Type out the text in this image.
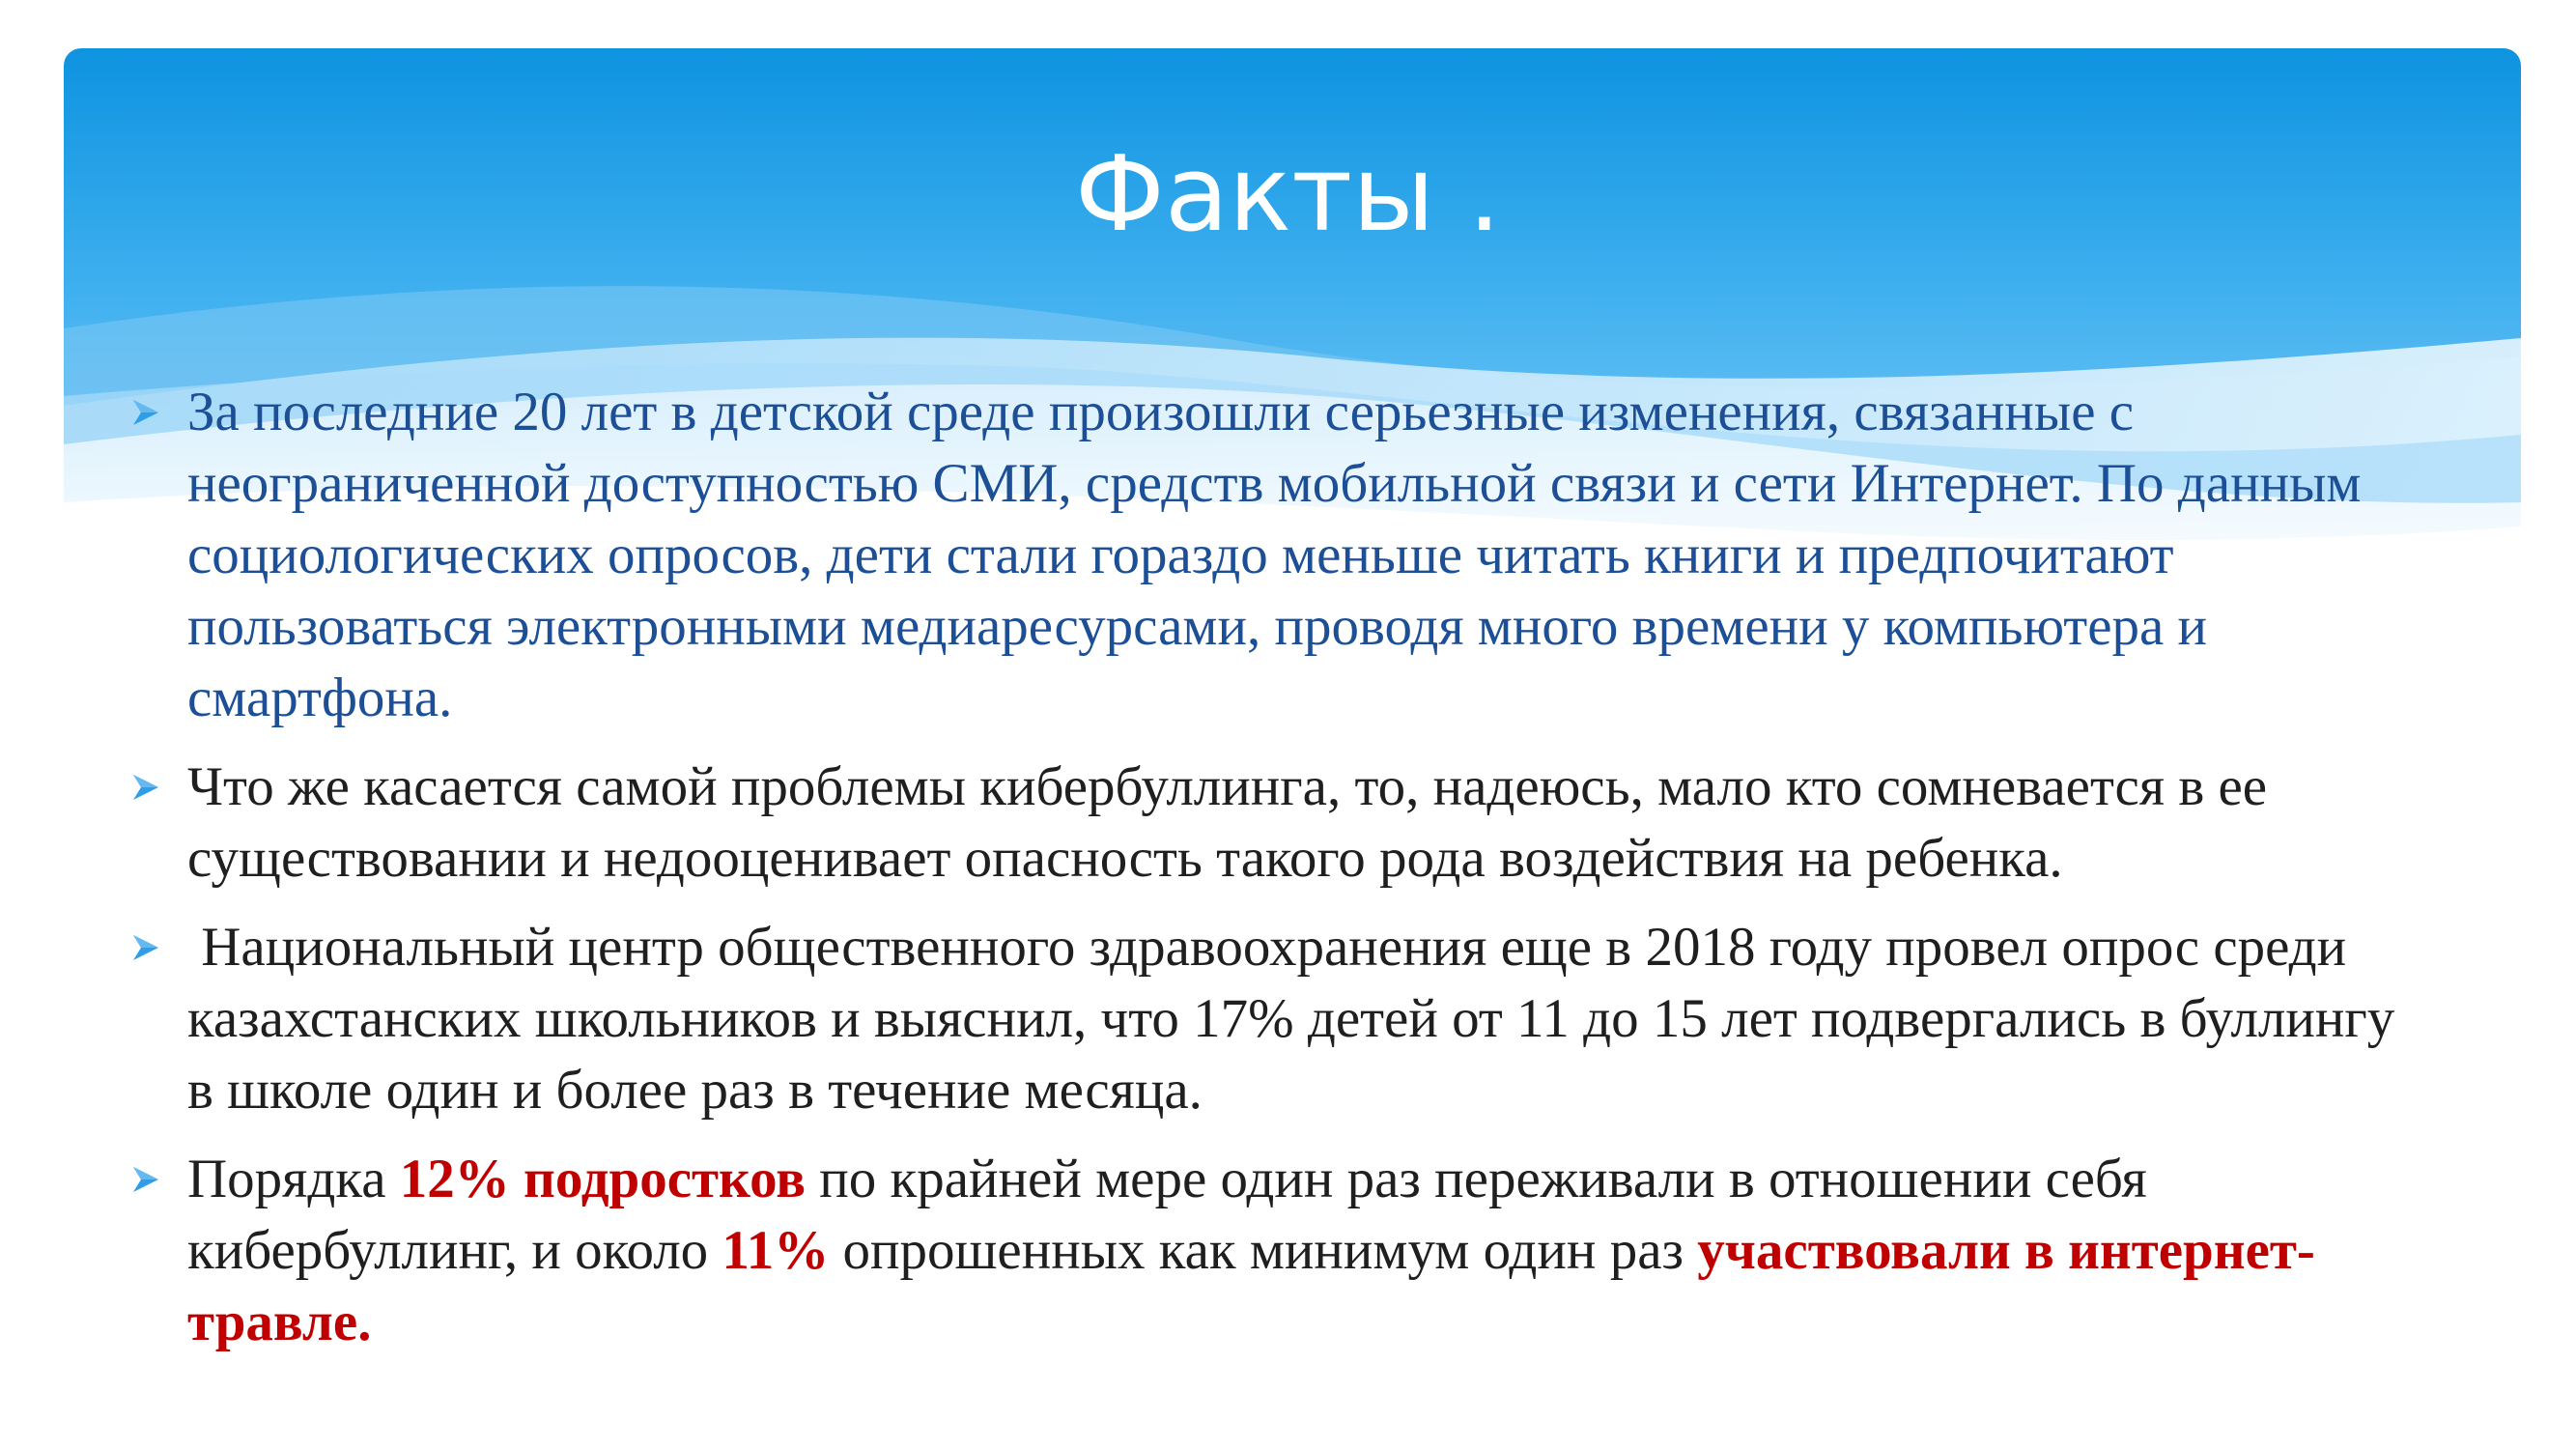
Факты .
За последние 20 лет в детской среде произошли серьезные изменения, связанные с неограниченной доступностью СМИ, средств мобильной связи и сети Интернет. По данным социологических опросов, дети стали гораздо меньше читать книги и предпочитают пользоваться электронными медиаресурсами, проводя много времени у компьютера и смартфона.
Что же касается самой проблемы кибербуллинга, то, надеюсь, мало кто сомневается в ее существовании и недооценивает опасность такого рода воздействия на ребенка.
Национальный центр общественного здравоохранения еще в 2018 году провел опрос среди казахстанских школьников и выяснил, что 17% детей от 11 до 15 лет подвергались в буллингу в школе один и более раз в течение месяца.
Порядка 12% подростков по крайней мере один раз переживали в отношении себя кибербуллинг, и около 11% опрошенных как минимум один раз участвовали в интернет-травле.
